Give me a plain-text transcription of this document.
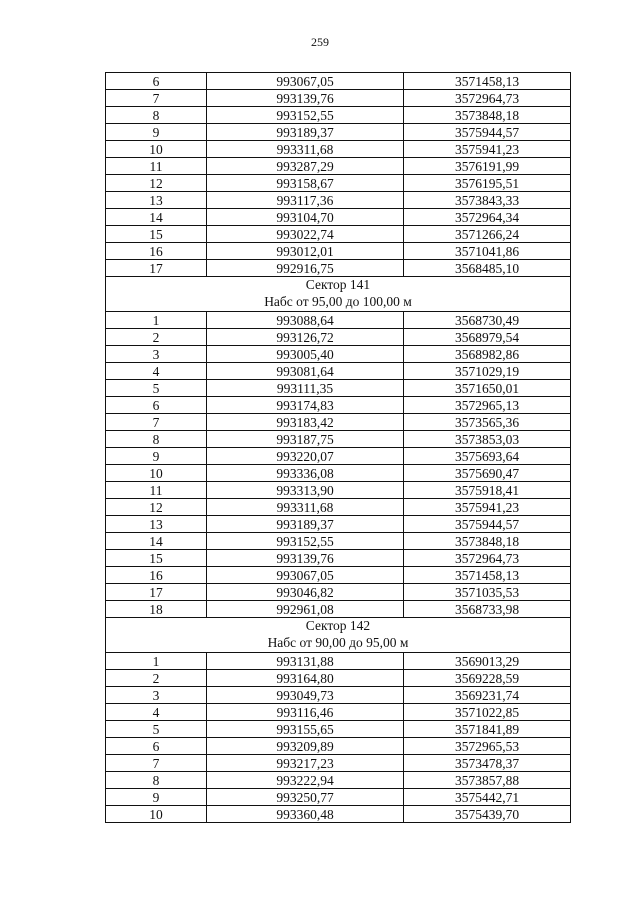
259
6	993067,05	3571458,13
7	993139,76	3572964,73
8	993152,55	3573848,18
9	993189,37	3575944,57
10	993311,68	3575941,23
11	993287,29	3576191,99
12	993158,67	3576195,51
13	993117,36	3573843,33
14	993104,70	3572964,34
15	993022,74	3571266,24
16	993012,01	3571041,86
17	992916,75	3568485,10

Сектор 141
Набс от 95,00 до 100,00 м		

1	993088,64	3568730,49
2	993126,72	3568979,54
3	993005,40	3568982,86
4	993081,64	3571029,19
5	993111,35	3571650,01
6	993174,83	3572965,13
7	993183,42	3573565,36
8	993187,75	3573853,03
9	993220,07	3575693,64
10	993336,08	3575690,47
11	993313,90	3575918,41
12	993311,68	3575941,23
13	993189,37	3575944,57
14	993152,55	3573848,18
15	993139,76	3572964,73
16	993067,05	3571458,13
17	993046,82	3571035,53
18	992961,08	3568733,98

Сектор 142
Набс от 90,00 до 95,00 м		

1	993131,88	3569013,29
2	993164,80	3569228,59
3	993049,73	3569231,74
4	993116,46	3571022,85
5	993155,65	3571841,89
6	993209,89	3572965,53
7	993217,23	3573478,37
8	993222,94	3573857,88
9	993250,77	3575442,71
10	993360,48	3575439,70
